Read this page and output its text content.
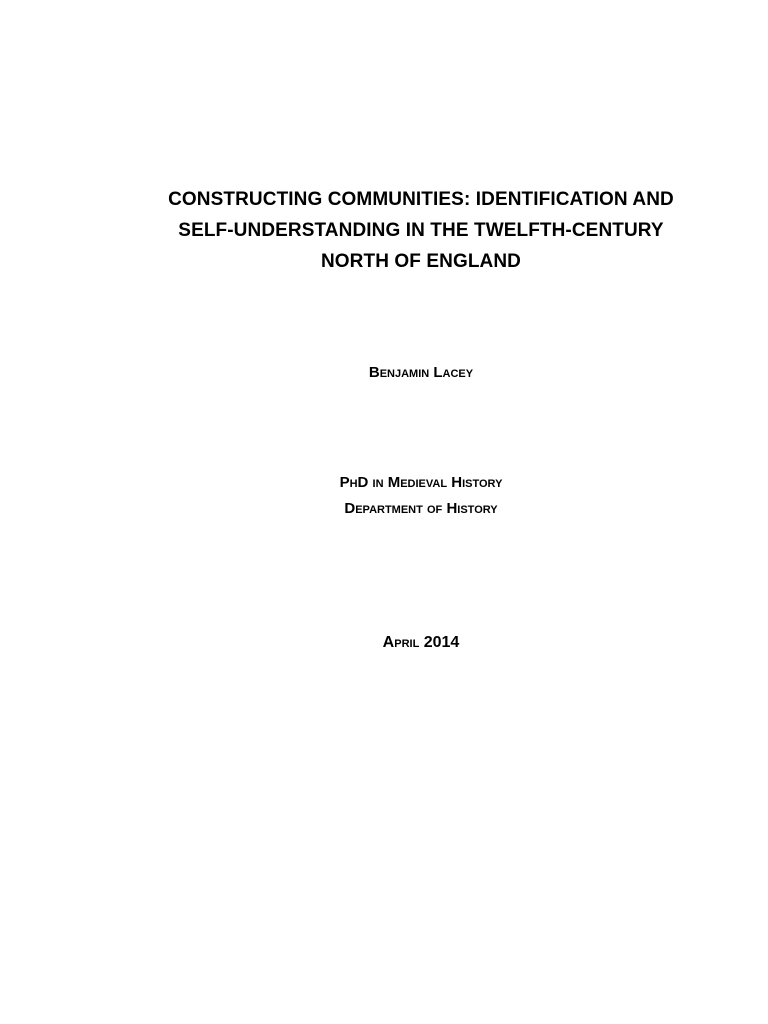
CONSTRUCTING COMMUNITIES: IDENTIFICATION AND
SELF-UNDERSTANDING IN THE TWELFTH-CENTURY
NORTH OF ENGLAND
Benjamin Lacey
PhD in Medieval History
Department of History
April 2014
